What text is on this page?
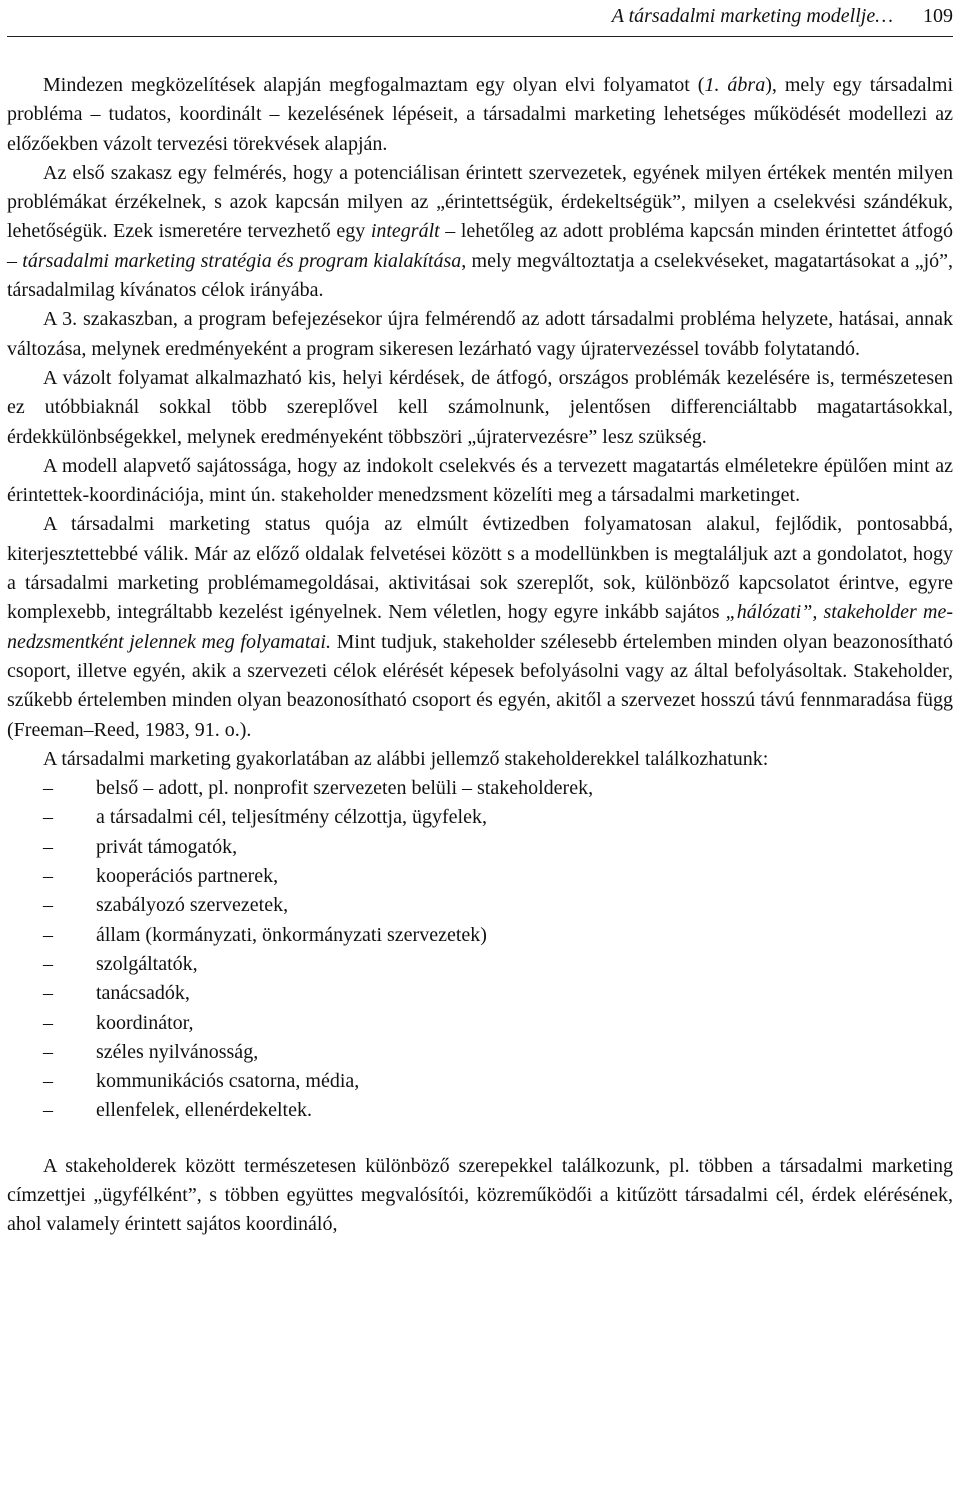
A társadalmi marketing modellje… 109

Mindezen megközelítések alapján megfogalmaztam egy olyan elvi folyamatot (1. ábra), mely egy társadalmi probléma – tudatos, koordinált – kezelésének lépéseit, a társadalmi marketing lehetséges működését modellezi az előzőekben vázolt tervezési törekvések alapján.

Az első szakasz egy felmérés, hogy a potenciálisan érintett szervezetek, egyének milyen értékek mentén milyen problémákat érzékelnek, s azok kapcsán milyen az „érintettségük, érdekeltségük”, milyen a cselekvési szándékuk, lehetőségük. Ezek ismeretére tervezhető egy integrált – lehetőleg az adott probléma kapcsán minden érintettet átfogó – társadalmi marketing stratégia és program kialakítása, mely megváltoztatja a cselekvéseket, magatartásokat a „jó”, társadalmilag kívánatos célok irányába.

A 3. szakaszban, a program befejezésekor újra felmérendő az adott társadalmi probléma helyzete, hatásai, annak változása, melynek eredményeként a program sikeresen lezárható vagy újratervezéssel tovább folytatandó.

A vázolt folyamat alkalmazható kis, helyi kérdések, de átfogó, országos problémák kezelésére is, természetesen ez utóbbiaknál sokkal több szereplővel kell számolnunk, jelentősen differenciáltabb magatartásokkal, érdekkülönbségekkel, melynek eredményeként többszöri „újratervezésre” lesz szükség.

A modell alapvető sajátossága, hogy az indokolt cselekvés és a tervezett magatartás elméletekre épülően mint az érintettek-koordinációja, mint ún. stakeholder menedzsment közelíti meg a társadalmi marketinget.

A társadalmi marketing status quója az elmúlt évtizedben folyamatosan alakul, fejlődik, pontosabbá, kiterjesztettebbé válik. Már az előző oldalak felvetései között s a modellünkben is megtaláljuk azt a gondolatot, hogy a társadalmi marketing problémamegoldásai, aktivitásai sok szereplőt, sok, különböző kapcsolatot érintve, egyre komplexebb, integráltabb kezelést igényelnek. Nem véletlen, hogy egyre inkább sajátos „hálózati”, stakeholder menedzsmentként jelennek meg folyamatai. Mint tudjuk, stakeholder szélesebb értelemben minden olyan beazonosítható csoport, illetve egyén, akik a szervezeti célok elérését képesek befolyásolni vagy az által befolyásoltak. Stakeholder, szűkebb értelemben minden olyan beazonosítható csoport és egyén, akitől a szervezet hosszú távú fennmaradása függ (Freeman–Reed, 1983, 91. o.).

A társadalmi marketing gyakorlatában az alábbi jellemző stakeholderekkel találkozhatunk:

– belső – adott, pl. nonprofit szervezeten belüli – stakeholderek,
– a társadalmi cél, teljesítmény célzottja, ügyfelek,
– privát támogatók,
– kooperációs partnerek,
– szabályozó szervezetek,
– állam (kormányzati, önkormányzati szervezetek)
– szolgáltatók,
– tanácsadók,
– koordinátor,
– széles nyilvánosság,
– kommunikációs csatorna, média,
– ellenfelek, ellenérdekeltek.

A stakeholderek között természetesen különböző szerepekkel találkozunk, pl. többen a társadalmi marketing címzettjei „ügyfélként”, s többen együttes megvalósítói, közreműködői a kitűzött társadalmi cél, érdek elérésének, ahol valamely érintett sajátos koordináló,
